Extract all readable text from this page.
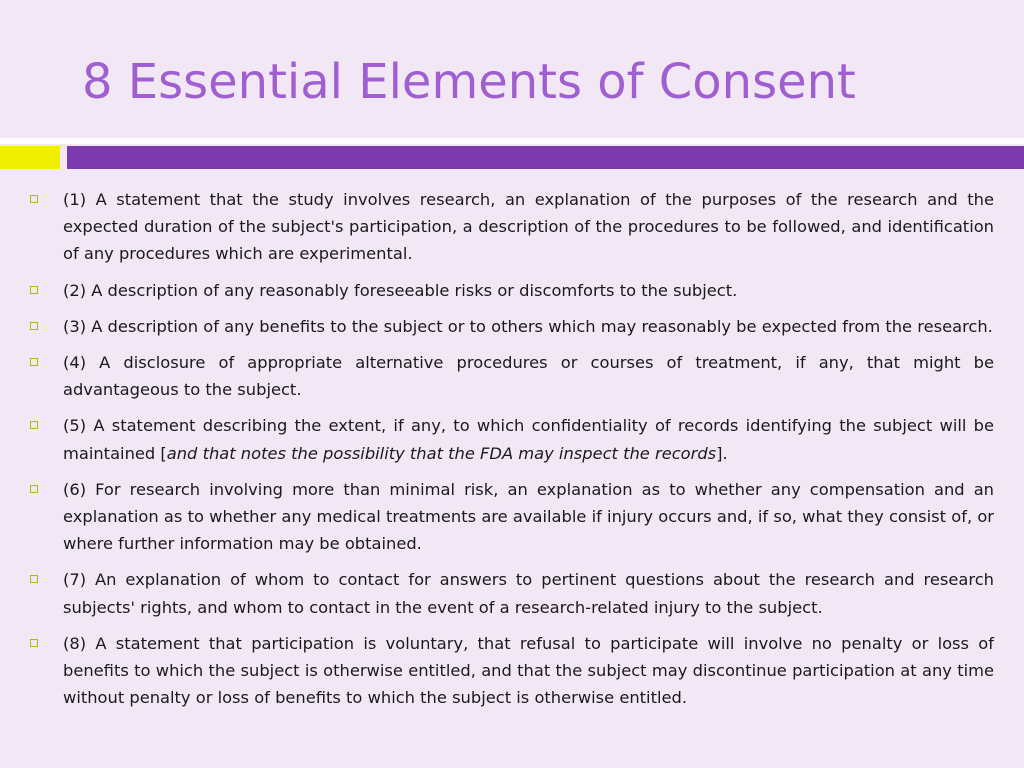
8 Essential Elements of Consent
(1) A statement that the study involves research, an explanation of the purposes of the research and the expected duration of the subject's participation, a description of the procedures to be followed, and identification of any procedures which are experimental.
(2) A description of any reasonably foreseeable risks or discomforts to the subject.
(3) A description of any benefits to the subject or to others which may reasonably be expected from the research.
(4) A disclosure of appropriate alternative procedures or courses of treatment, if any, that might be advantageous to the subject.
(5) A statement describing the extent, if any, to which confidentiality of records identifying the subject will be maintained [and that notes the possibility that the FDA may inspect the records].
(6) For research involving more than minimal risk, an explanation as to whether any compensation and an explanation as to whether any medical treatments are available if injury occurs and, if so, what they consist of, or where further information may be obtained.
(7) An explanation of whom to contact for answers to pertinent questions about the research and research subjects' rights, and whom to contact in the event of a research-related injury to the subject.
(8) A statement that participation is voluntary, that refusal to participate will involve no penalty or loss of benefits to which the subject is otherwise entitled, and that the subject may discontinue participation at any time without penalty or loss of benefits to which the subject is otherwise entitled.
